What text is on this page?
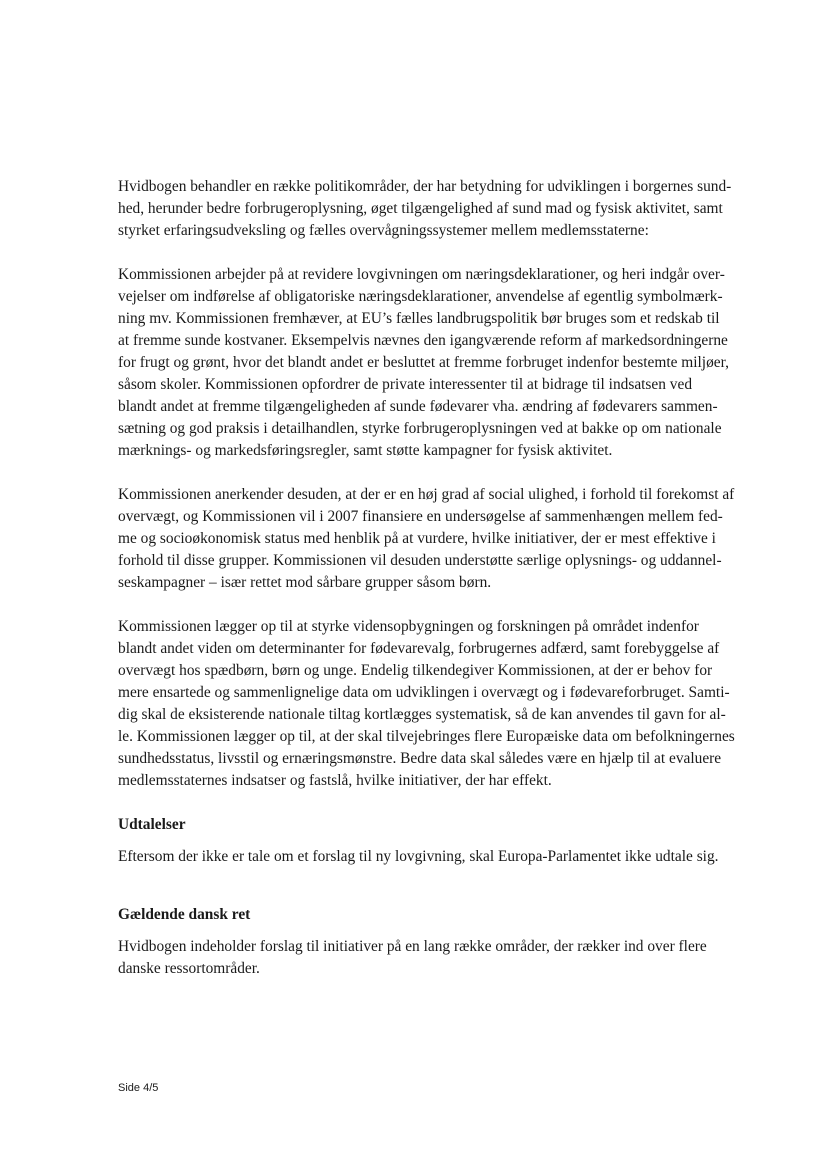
Hvidbogen behandler en række politikområder, der har betydning for udviklingen i borgernes sund-
hed, herunder bedre forbrugeroplysning, øget tilgængelighed af sund mad og fysisk aktivitet, samt
styrket erfaringsudveksling og fælles overvågningssystemer mellem medlemsstaterne:

Kommissionen arbejder på at revidere lovgivningen om næringsdeklarationer, og heri indgår over-
vejelser om indførelse af obligatoriske næringsdeklarationer, anvendelse af egentlig symbolmærk-
ning mv. Kommissionen fremhæver, at EU’s fælles landbrugspolitik bør bruges som et redskab til
at fremme sunde kostvaner. Eksempelvis nævnes den igangværende reform af markedsordningerne
for frugt og grønt, hvor det blandt andet er besluttet at fremme forbruget indenfor bestemte miljøer,
såsom skoler. Kommissionen opfordrer de private interessenter til at bidrage til indsatsen ved
blandt andet at fremme tilgængeligheden af sunde fødevarer vha. ændring af fødevarers sammen-
sætning og god praksis i detailhandlen, styrke forbrugeroplysningen ved at bakke op om nationale
mærknings- og markedsføringsregler, samt støtte kampagner for fysisk aktivitet.

Kommissionen anerkender desuden, at der er en høj grad af social ulighed, i forhold til forekomst af
overvægt, og Kommissionen vil i 2007 finansiere en undersøgelse af sammenhængen mellem fed-
me og socioøkonomisk status med henblik på at vurdere, hvilke initiativer, der er mest effektive i
forhold til disse grupper. Kommissionen vil desuden understøtte særlige oplysnings- og uddannel-
seskampagner – især rettet mod sårbare grupper såsom børn.

Kommissionen lægger op til at styrke vidensopbygningen og forskningen på området indenfor
blandt andet viden om determinanter for fødevarevalg, forbrugernes adfærd, samt forebyggelse af
overvægt hos spædbørn, børn og unge. Endelig tilkendegiver Kommissionen, at der er behov for
mere ensartede og sammenlignelige data om udviklingen i overvægt og i fødevareforbruget. Samti-
dig skal de eksisterende nationale tiltag kortlægges systematisk, så de kan anvendes til gavn for al-
le. Kommissionen lægger op til, at der skal tilvejebringes flere Europæiske data om befolkningernes
sundhedsstatus, livsstil og ernæringsmønstre. Bedre data skal således være en hjælp til at evaluere
medlemsstaternes indsatser og fastslå, hvilke initiativer, der har effekt.

Udtalelser

Eftersom der ikke er tale om et forslag til ny lovgivning, skal Europa-Parlamentet ikke udtale sig.

Gældende dansk ret

Hvidbogen indeholder forslag til initiativer på en lang række områder, der rækker ind over flere
danske ressortområder.

Side 4/5
